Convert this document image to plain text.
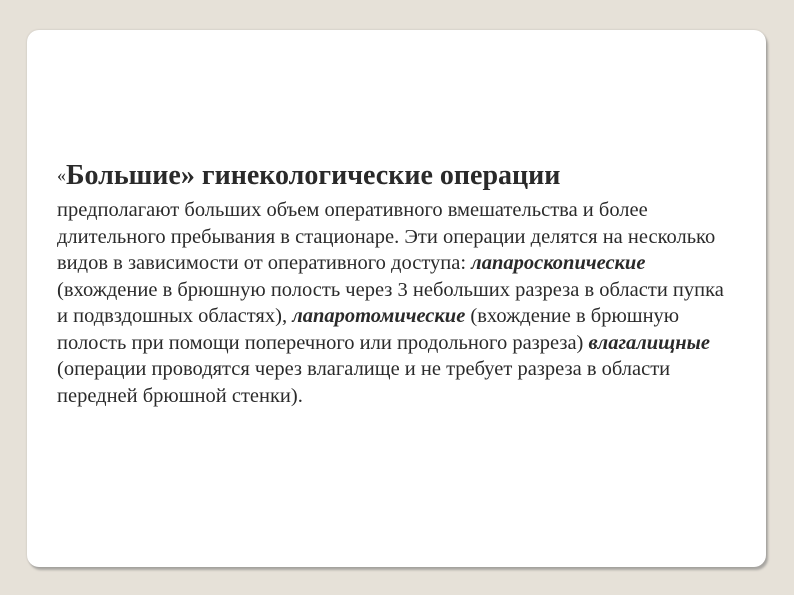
«Большие» гинекологические операции

предполагают больших объем оперативного вмешательства и более длительного пребывания в стационаре. Эти операции делятся на несколько видов в зависимости от оперативного доступа: лапароскопические (вхождение в брюшную полость через 3 небольших разреза в области пупка и подвздошных областях), лапаротомические (вхождение в брюшную полость при помощи поперечного или продольного разреза) влагалищные (операции проводятся через влагалище и не требует разреза в области передней брюшной стенки).
